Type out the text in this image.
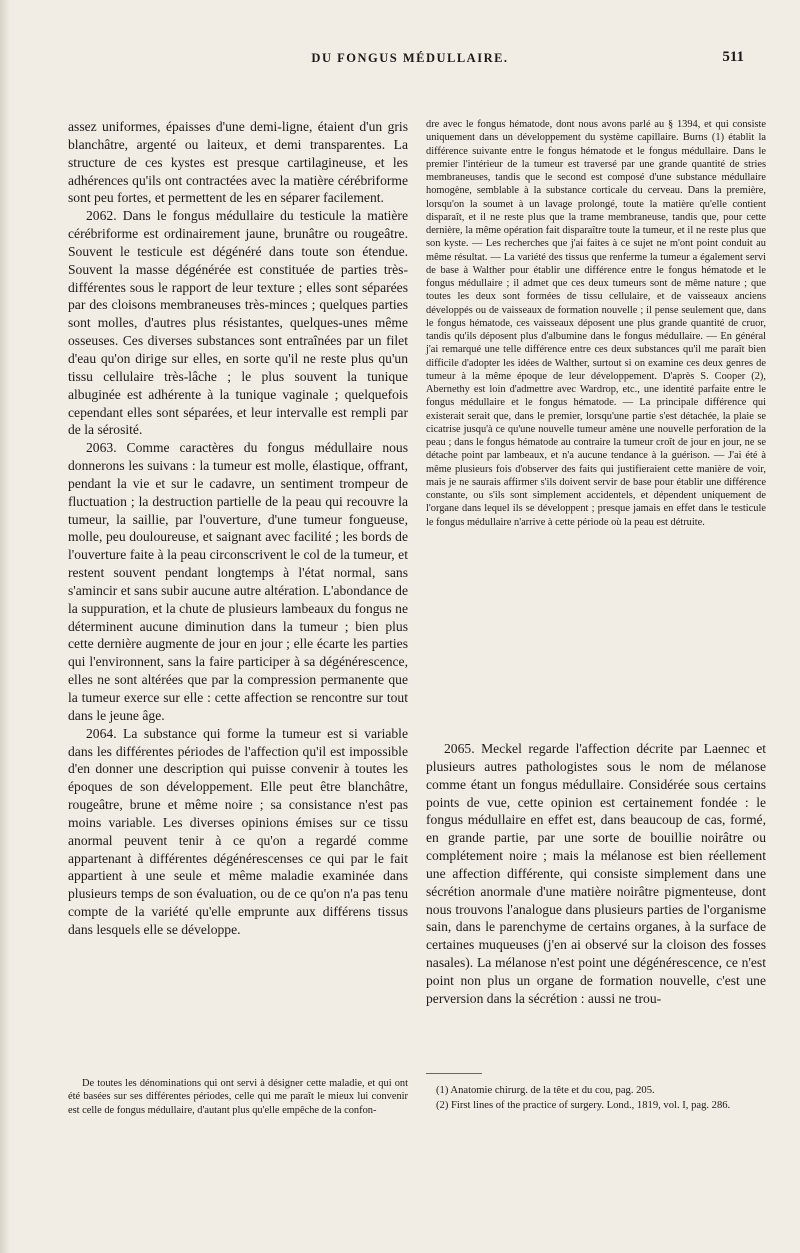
DU FONGUS MÉDULLAIRE.	511

assez uniformes, épaisses d'une demi-ligne, étaient d'un gris blanchâtre, argenté ou laiteux, et demi transparentes. La structure de ces kystes est presque cartilagineuse, et les adhérences qu'ils ont contractées avec la matière cérébriforme sont peu fortes, et permettent de les en séparer facilement.

2062. Dans le fongus médullaire du testicule la matière cérébriforme est ordinairement jaune, brunâtre ou rougeâtre. Souvent le testicule est dégénéré dans toute son étendue. Souvent la masse dégénérée est constituée de parties très-différentes sous le rapport de leur texture ; elles sont séparées par des cloisons membraneuses très-minces ; quelques parties sont molles, d'autres plus résistantes, quelques-unes même osseuses. Ces diverses substances sont entraînées par un filet d'eau qu'on dirige sur elles, en sorte qu'il ne reste plus qu'un tissu cellulaire très-lâche ; le plus souvent la tunique albuginée est adhérente à la tunique vaginale ; quelquefois cependant elles sont séparées, et leur intervalle est rempli par de la sérosité.

2063. Comme caractères du fongus médullaire nous donnerons les suivans : la tumeur est molle, élastique, offrant, pendant la vie et sur le cadavre, un sentiment trompeur de fluctuation ; la destruction partielle de la peau qui recouvre la tumeur, la saillie, par l'ouverture, d'une tumeur fongueuse, molle, peu douloureuse, et saignant avec facilité ; les bords de l'ouverture faite à la peau circonscrivent le col de la tumeur, et restent souvent pendant longtemps à l'état normal, sans s'amincir et sans subir aucune autre altération. L'abondance de la suppuration, et la chute de plusieurs lambeaux du fongus ne déterminent aucune diminution dans la tumeur ; bien plus cette dernière augmente de jour en jour ; elle écarte les parties qui l'environnent, sans la faire participer à sa dégénérescence, elles ne sont altérées que par la compression permanente que la tumeur exerce sur elle : cette affection se rencontre sur tout dans le jeune âge.

2064. La substance qui forme la tumeur est si variable dans les différentes périodes de l'affection qu'il est impossible d'en donner une description qui puisse convenir à toutes les époques de son développement. Elle peut être blanchâtre, rougeâtre, brune et même noire ; sa consistance n'est pas moins variable. Les diverses opinions émises sur ce tissu anormal peuvent tenir à ce qu'on a regardé comme appartenant à différentes dégénérescenses ce qui par le fait appartient à une seule et même maladie examinée dans plusieurs temps de son évaluation, ou de ce qu'on n'a pas tenu compte de la variété qu'elle emprunte aux différens tissus dans lesquels elle se développe.

De toutes les dénominations qui ont servi à désigner cette maladie, et qui ont été basées sur ses différentes périodes, celle qui me paraît le mieux lui convenir est celle de fongus médullaire, d'autant plus qu'elle empêche de la confon-

dre avec le fongus hématode, dont nous avons parlé au § 1394, et qui consiste uniquement dans un développement du système capillaire. Burns (1) établit la différence suivante entre le fongus hématode et le fongus médullaire. Dans le premier l'intérieur de la tumeur est traversé par une grande quantité de stries membraneuses, tandis que le second est composé d'une substance médullaire homogène, semblable à la substance corticale du cerveau. Dans la première, lorsqu'on la soumet à un lavage prolongé, toute la matière qu'elle contient disparaît, et il ne reste plus que la trame membraneuse, tandis que, pour cette dernière, la même opération fait disparaître toute la tumeur, et il ne reste plus que son kyste. — Les recherches que j'ai faites à ce sujet ne m'ont point conduit au même résultat. — La variété des tissus que renferme la tumeur a également servi de base à Walther pour établir une différence entre le fongus hématode et le fongus médullaire ; il admet que ces deux tumeurs sont de même nature ; que toutes les deux sont formées de tissu cellulaire, et de vaisseaux anciens développés ou de vaisseaux de formation nouvelle ; il pense seulement que, dans le fongus hématode, ces vaisseaux déposent une plus grande quantité de cruor, tandis qu'ils déposent plus d'albumine dans le fongus médullaire. — En général j'ai remarqué une telle différence entre ces deux substances qu'il me paraît bien difficile d'adopter les idées de Walther, surtout si on examine ces deux genres de tumeur à la même époque de leur développement. D'après S. Cooper (2), Abernethy est loin d'admettre avec Wardrop, etc., une identité parfaite entre le fongus médullaire et le fongus hématode. — La principale différence qui existerait serait que, dans le premier, lorsqu'une partie s'est détachée, la plaie se cicatrise jusqu'à ce qu'une nouvelle tumeur amène une nouvelle perforation de la peau ; dans le fongus hématode au contraire la tumeur croît de jour en jour, ne se détache point par lambeaux, et n'a aucune tendance à la guérison. — J'ai été à même plusieurs fois d'observer des faits qui justifieraient cette manière de voir, mais je ne saurais affirmer s'ils doivent servir de base pour établir une différence constante, ou s'ils sont simplement accidentels, et dépendent uniquement de l'organe dans lequel ils se développent ; presque jamais en effet dans le testicule le fongus médullaire n'arrive à cette période où la peau est détruite.

2065. Meckel regarde l'affection décrite par Laennec et plusieurs autres pathologistes sous le nom de mélanose comme étant un fongus médullaire. Considérée sous certains points de vue, cette opinion est certainement fondée : le fongus médullaire en effet est, dans beaucoup de cas, formé, en grande partie, par une sorte de bouillie noirâtre ou complétement noire ; mais la mélanose est bien réellement une affection différente, qui consiste simplement dans une sécrétion anormale d'une matière noirâtre pigmenteuse, dont nous trouvons l'analogue dans plusieurs parties de l'organisme sain, dans le parenchyme de certains organes, à la surface de certaines muqueuses (j'en ai observé sur la cloison des fosses nasales). La mélanose n'est point une dégénérescence, ce n'est point non plus un organe de formation nouvelle, c'est une perversion dans la sécrétion : aussi ne trou-

(1) Anatomie chirurg. de la tête et du cou, pag. 205.

(2) First lines of the practice of surgery. Lond., 1819, vol. I, pag. 286.
